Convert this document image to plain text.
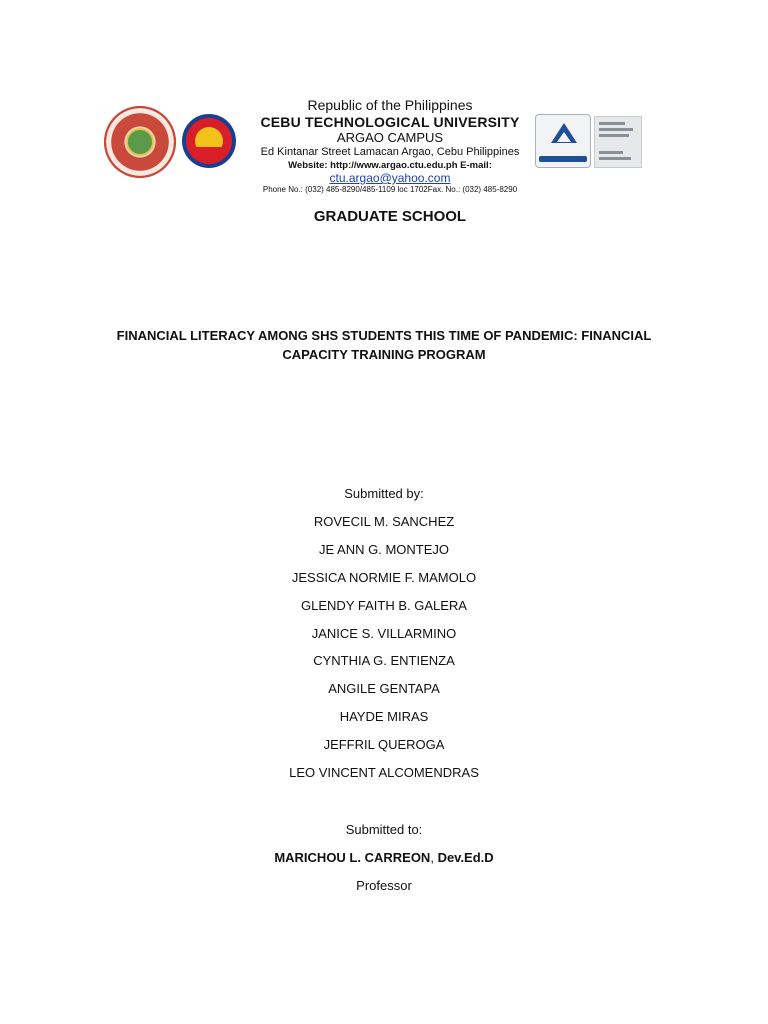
Republic of the Philippines
CEBU TECHNOLOGICAL UNIVERSITY
ARGAO CAMPUS
Ed Kintanar Street Lamacan Argao, Cebu Philippines
Website: http://www.argao.ctu.edu.ph E-mail:
ctu.argao@yahoo.com
Phone No.: (032) 485-8290/485-1109 loc 1702Fax. No.: (032) 485-8290
GRADUATE SCHOOL
FINANCIAL LITERACY AMONG SHS STUDENTS THIS TIME OF PANDEMIC: FINANCIAL CAPACITY TRAINING PROGRAM
Submitted by:
ROVECIL M. SANCHEZ
JE ANN G. MONTEJO
JESSICA NORMIE F. MAMOLO
GLENDY FAITH B. GALERA
JANICE S. VILLARMINO
CYNTHIA G. ENTIENZA
ANGILE GENTAPA
HAYDE MIRAS
JEFFRIL QUEROGA
LEO VINCENT ALCOMENDRAS
Submitted to:
MARICHOU L. CARREON, Dev.Ed.D
Professor
